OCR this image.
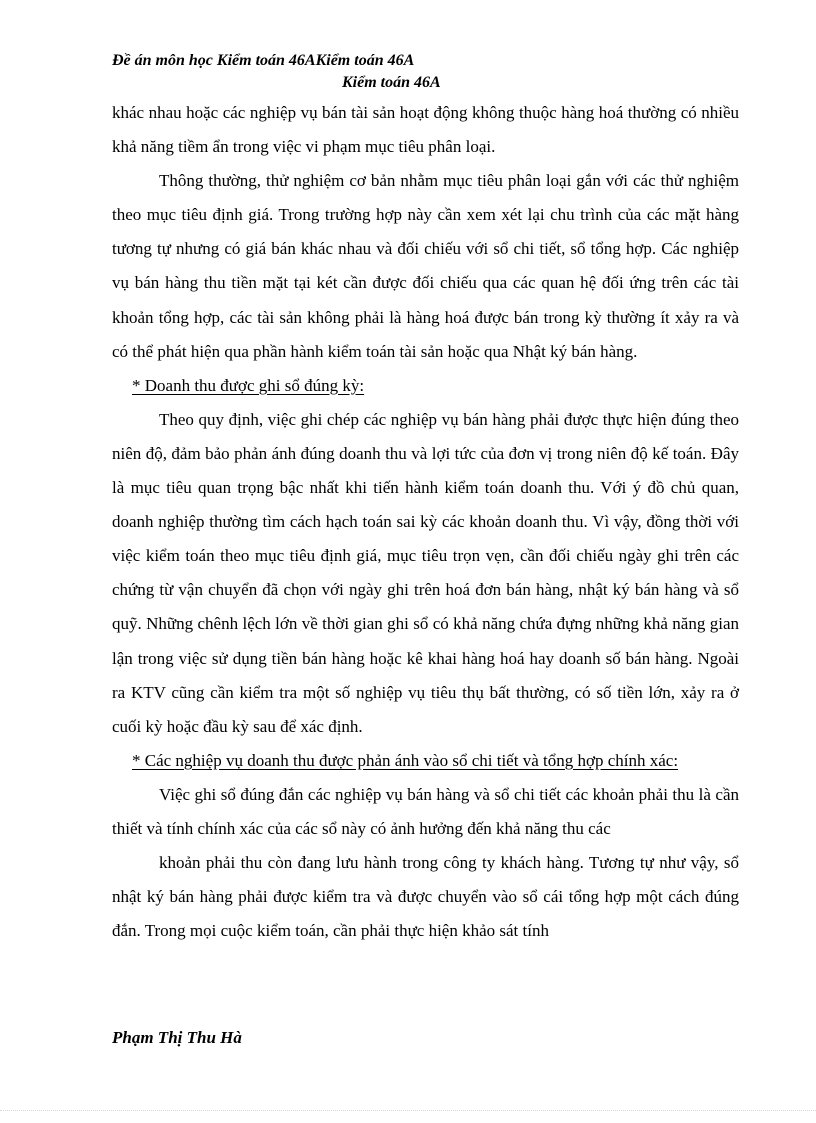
Đề án môn học Kiểm toán 46AKiểm toán 46A
Kiểm toán 46A

khác nhau hoặc các nghiệp vụ bán tài sản hoạt động không thuộc hàng hoá thường có nhiều khả năng tiềm ẩn trong việc vi phạm mục tiêu phân loại.

Thông thường, thử nghiệm cơ bản nhằm mục tiêu phân loại gắn với các thử nghiệm theo mục tiêu định giá. Trong trường hợp này cần xem xét lại chu trình của các mặt hàng tương tự nhưng có giá bán khác nhau và đối chiếu với sổ chi tiết, sổ tổng hợp. Các nghiệp vụ bán hàng thu tiền mặt tại két cần được đối chiếu qua các quan hệ đối ứng trên các tài khoản tổng hợp, các tài sản không phải là hàng hoá được bán trong kỳ thường ít xảy ra và có thể phát hiện qua phần hành kiểm toán tài sản hoặc qua Nhật ký bán hàng.

* Doanh thu được ghi sổ đúng kỳ:

Theo quy định, việc ghi chép các nghiệp vụ bán hàng phải được thực hiện đúng theo niên độ, đảm bảo phản ánh đúng doanh thu và lợi tức của đơn vị trong niên độ kế toán. Đây là mục tiêu quan trọng bậc nhất khi tiến hành kiểm toán doanh thu. Với ý đồ chủ quan, doanh nghiệp thường tìm cách hạch toán sai kỳ các khoản doanh thu. Vì vậy, đồng thời với việc kiểm toán theo mục tiêu định giá, mục tiêu trọn vẹn, cần đối chiếu ngày ghi trên các chứng từ vận chuyển đã chọn với ngày ghi trên hoá đơn bán hàng, nhật ký bán hàng và sổ quỹ. Những chênh lệch lớn về thời gian ghi sổ có khả năng chứa đựng những khả năng gian lận trong việc sử dụng tiền bán hàng hoặc kê khai hàng hoá hay doanh số bán hàng. Ngoài ra KTV cũng cần kiểm tra một số nghiệp vụ tiêu thụ bất thường, có số tiền lớn, xảy ra ở cuối kỳ hoặc đầu kỳ sau để xác định.

* Các nghiệp vụ doanh thu được phản ánh vào sổ chi tiết và tổng hợp chính xác:

Việc ghi sổ đúng đắn các nghiệp vụ bán hàng và sổ chi tiết các khoản phải thu là cần thiết và tính chính xác của các sổ này có ảnh hưởng đến khả năng thu các

khoản phải thu còn đang lưu hành trong công ty khách hàng. Tương tự như vậy, sổ nhật ký bán hàng phải được kiểm tra và được chuyển vào sổ cái tổng hợp một cách đúng đắn. Trong mọi cuộc kiểm toán, cần phải thực hiện khảo sát tính

Phạm Thị Thu Hà
